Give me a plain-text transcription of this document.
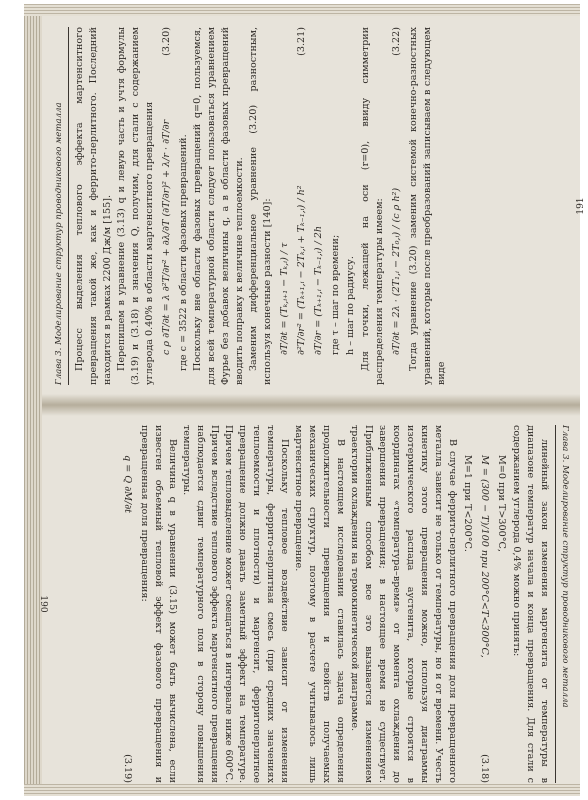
Глава 3. Моделирование структур проводникового металла	Процесс выделения теплового эффекта мартенситного превращения такой же, как и феррито-перлитного. Последний находится в рамках 2200 Дж/м [155]. Перепишем в уравнение (3.13) q и левую часть и учтя формулы (3.19) и (3.18) и значения Q, получим, для стали с содержанием углерода 0.40% в области мартенситного превращения c ρ ∂T/∂t = λ ∂²T/∂r² + ∂λ/∂T (∂T/∂r)² + λ/r · ∂T/∂r
(3.20)

где с = 3522 в области фазовых превращений. Поскольку вне области фазовых превращений q=0, пользуемся, для всей температурной области следует пользоваться уравнением Фурье без добавок величины q, а в области фазовых превращений вводить поправку к величине теплоемкости. Заменим дифференциальное уравнение (3.20) разностным, используя конечные разности [140]: ∂T/∂t = (Tₖ,ᵢ₊₁ − Tₖ,ᵢ) / τ ∂²T/∂r² = (Tₖ₊₁,ᵢ − 2Tₖ,ᵢ + Tₖ₋₁,ᵢ) / h²
(3.21)
∂T/∂r = (Tₖ₊₁,ᵢ − Tₖ₋₁,ᵢ) / 2h где τ – шаг по времени; h – шаг по радиусу. Для точки, лежащей на оси (r=0), ввиду симметрии распределения температуры имеем: ∂T/∂t = 2λ · (2T₁,ᵢ − 2T₀,ᵢ) / (c ρ h²)
(3.22) Тогда уравнение (3.20) заменим системой конечно-разностных уравнений, которые после преобразований записываем в следующем виде

191
Глава 3. Моделирование структур проводникового металла

линейный закон изменения мартенсита от температуры в диапазоне температур начала и конца превращения. Для стали с содержанием углерода 0,4% можно принять:

М=0 при Т>300°С,
М = (300 − Т)/100 при 200°С<Т<300°С,
(3.18)
М=1 при Т<200°С.

В случае феррито-перлитного превращения доля превращенного металла зависит не только от температуры, но и от времени. Учесть кинетику этого превращения можно, используя диаграммы изотермического распада аустенита, которые строятся в координатах «температура–время» от момента охлаждения до завершения превращения; в настоящее время не существует. Приближенным способом все это вызывается изменением траектории охлаждения на термокинетической диаграмме.

В настоящем исследовании ставилась задача определения продолжительности превращения и свойств получаемых механических структур, поэтому в расчете учитывалось лишь мартенситное превращение.

Поскольку тепловое воздействие зависит от изменения температуры, феррито-перлитная смесь (при средних значениях теплоемкости и плотности) и мартенсит, ферритоперлитное превращение должно давать заметный эффект на температуре. Причем тепловыделение может смещаться в интервале ниже 600°С. Причем вследствие теплового эффекта мартенситного превращения наблюдается сдвиг температурного поля в сторону повышения температуры.

Величина q в уравнении (3.15) может быть вычислена, если известен объемный тепловой эффект фазового превращения и превращенная доля превращения:

q = Q ∂M/∂t
(3.19)
190
